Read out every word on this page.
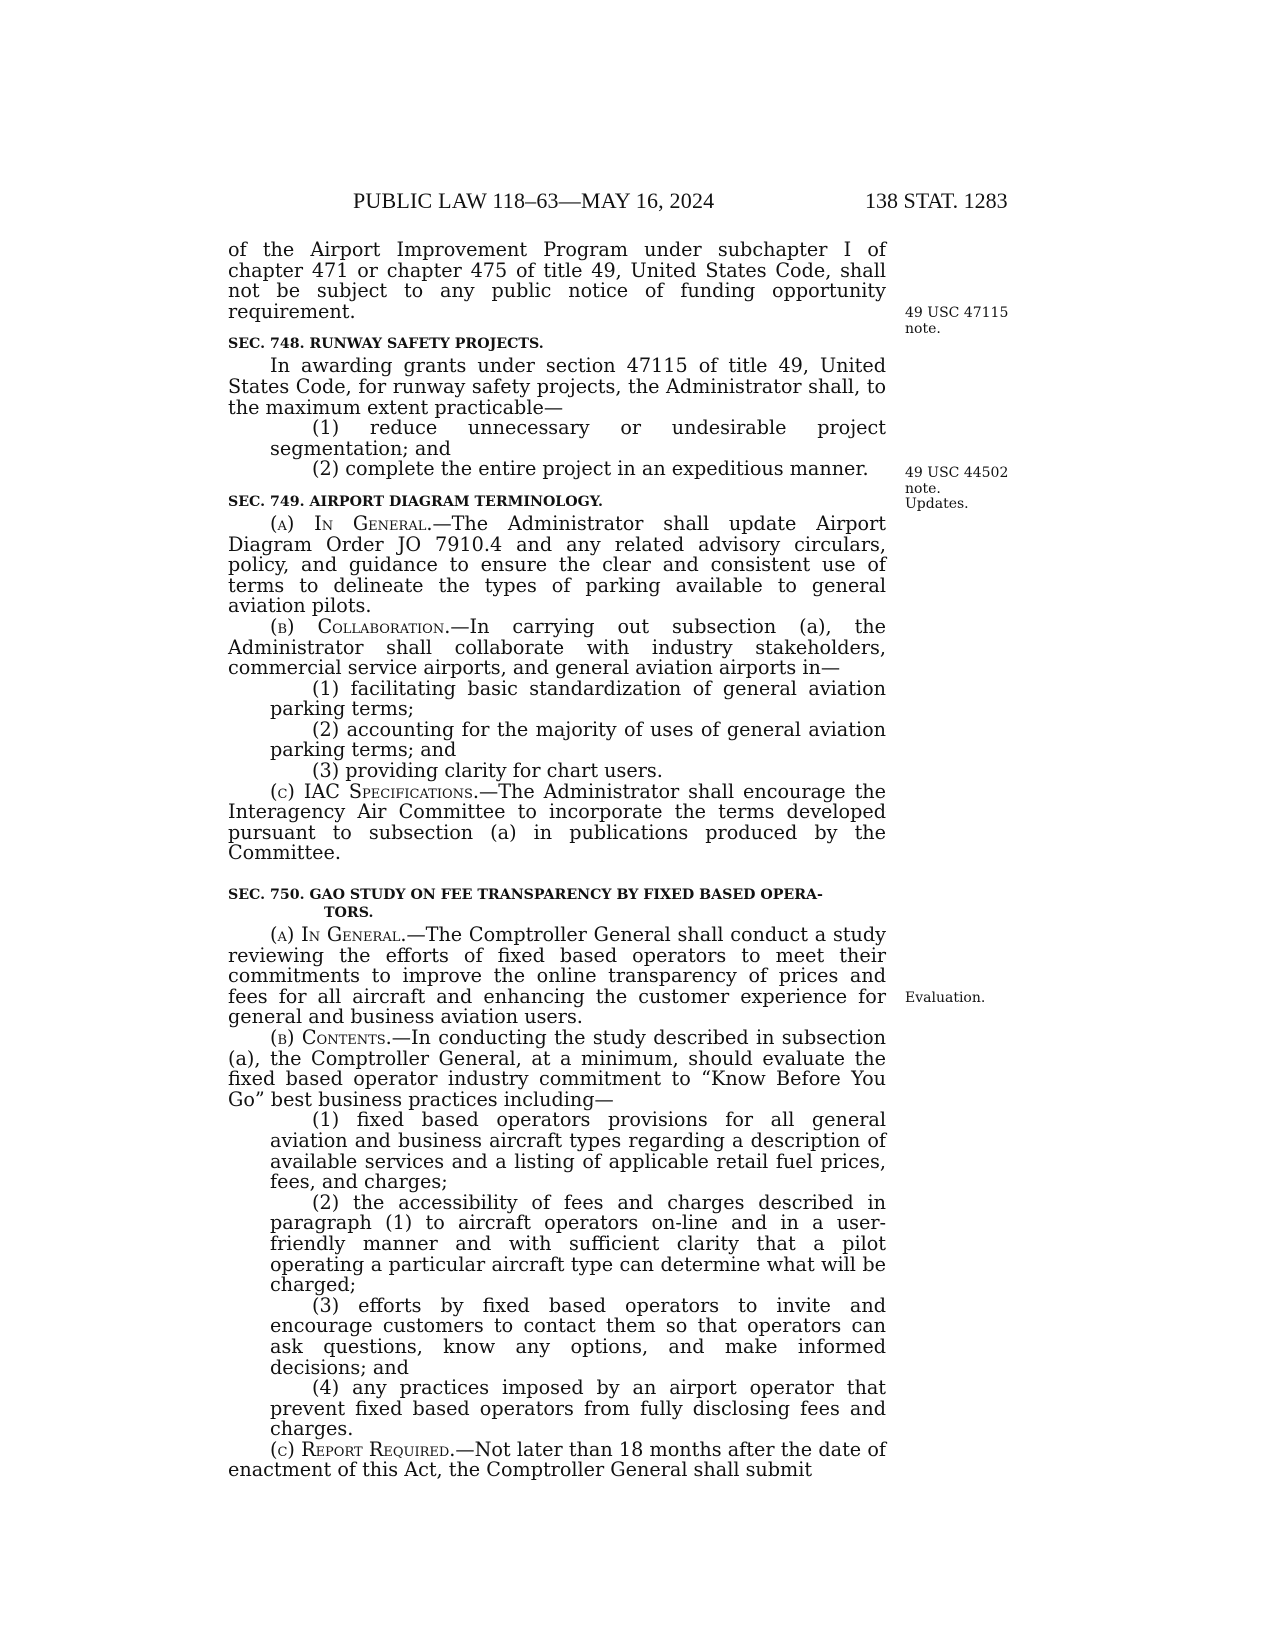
PUBLIC LAW 118–63—MAY 16, 2024	138 STAT. 1283
49 USC 47115
note.
49 USC 44502
note.
Updates.
Evaluation.

of the Airport Improvement Program under subchapter I of chapter 471 or chapter 475 of title 49, United States Code, shall not be subject to any public notice of funding opportunity requirement.

SEC. 748. RUNWAY SAFETY PROJECTS.

In awarding grants under section 47115 of title 49, United States Code, for runway safety projects, the Administrator shall, to the maximum extent practicable—

(1) reduce unnecessary or undesirable project segmentation; and

(2) complete the entire project in an expeditious manner.

SEC. 749. AIRPORT DIAGRAM TERMINOLOGY.

(a) In General.—The Administrator shall update Airport Diagram Order JO 7910.4 and any related advisory circulars, policy, and guidance to ensure the clear and consistent use of terms to delineate the types of parking available to general aviation pilots.

(b) Collaboration.—In carrying out subsection (a), the Administrator shall collaborate with industry stakeholders, commercial service airports, and general aviation airports in—

(1) facilitating basic standardization of general aviation parking terms;

(2) accounting for the majority of uses of general aviation parking terms; and

(3) providing clarity for chart users.

(c) IAC Specifications.—The Administrator shall encourage the Interagency Air Committee to incorporate the terms developed pursuant to subsection (a) in publications produced by the Committee.

SEC. 750. GAO STUDY ON FEE TRANSPARENCY BY FIXED BASED OPERA-
TORS.

(a) In General.—The Comptroller General shall conduct a study reviewing the efforts of fixed based operators to meet their commitments to improve the online transparency of prices and fees for all aircraft and enhancing the customer experience for general and business aviation users.

(b) Contents.—In conducting the study described in subsection (a), the Comptroller General, at a minimum, should evaluate the fixed based operator industry commitment to “Know Before You Go” best business practices including—

(1) fixed based operators provisions for all general aviation and business aircraft types regarding a description of available services and a listing of applicable retail fuel prices, fees, and charges;

(2) the accessibility of fees and charges described in paragraph (1) to aircraft operators on-line and in a user-friendly manner and with sufficient clarity that a pilot operating a particular aircraft type can determine what will be charged;

(3) efforts by fixed based operators to invite and encourage customers to contact them so that operators can ask questions, know any options, and make informed decisions; and

(4) any practices imposed by an airport operator that prevent fixed based operators from fully disclosing fees and charges.

(c) Report Required.—Not later than 18 months after the date of enactment of this Act, the Comptroller General shall submit
